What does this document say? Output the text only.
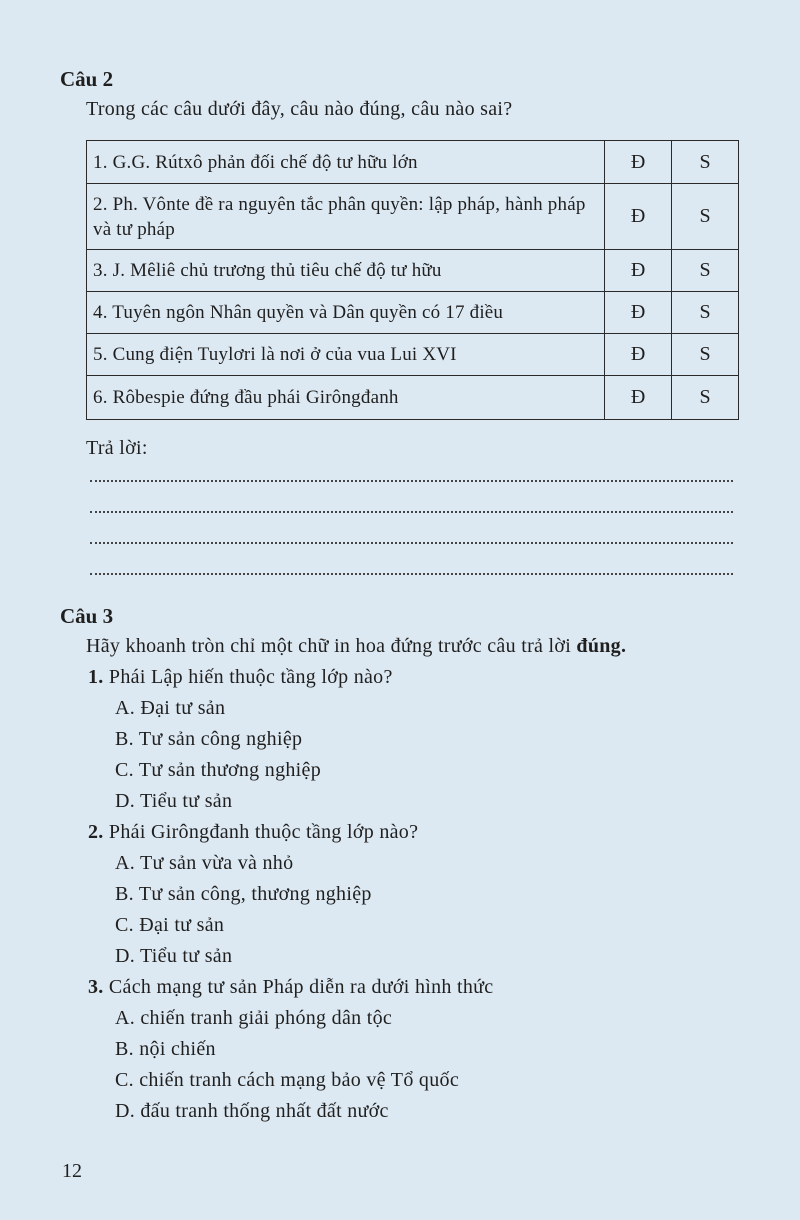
Câu 2
Trong các câu dưới đây, câu nào đúng, câu nào sai?
1. G.G. Rútxô phản đối chế độ tư hữu lớn	Đ	S
2. Ph. Vônte đề ra nguyên tắc phân quyền: lập pháp, hành pháp và tư pháp	Đ	S
3. J. Mêliê chủ trương thủ tiêu chế độ tư hữu	Đ	S
4. Tuyên ngôn Nhân quyền và Dân quyền có 17 điều	Đ	S
5. Cung điện Tuylơri là nơi ở của vua Lui XVI	Đ	S
6. Rôbespie đứng đầu phái Girôngđanh	Đ	S
Trả lời:
Câu 3
Hãy khoanh tròn chỉ một chữ in hoa đứng trước câu trả lời đúng.
1. Phái Lập hiến thuộc tầng lớp nào?
A. Đại tư sản
B. Tư sản công nghiệp
C. Tư sản thương nghiệp
D. Tiểu tư sản
2. Phái Girôngđanh thuộc tầng lớp nào?
A. Tư sản vừa và nhỏ
B. Tư sản công, thương nghiệp
C. Đại tư sản
D. Tiểu tư sản
3. Cách mạng tư sản Pháp diễn ra dưới hình thức
A. chiến tranh giải phóng dân tộc
B. nội chiến
C. chiến tranh cách mạng bảo vệ Tổ quốc
D. đấu tranh thống nhất đất nước
12
